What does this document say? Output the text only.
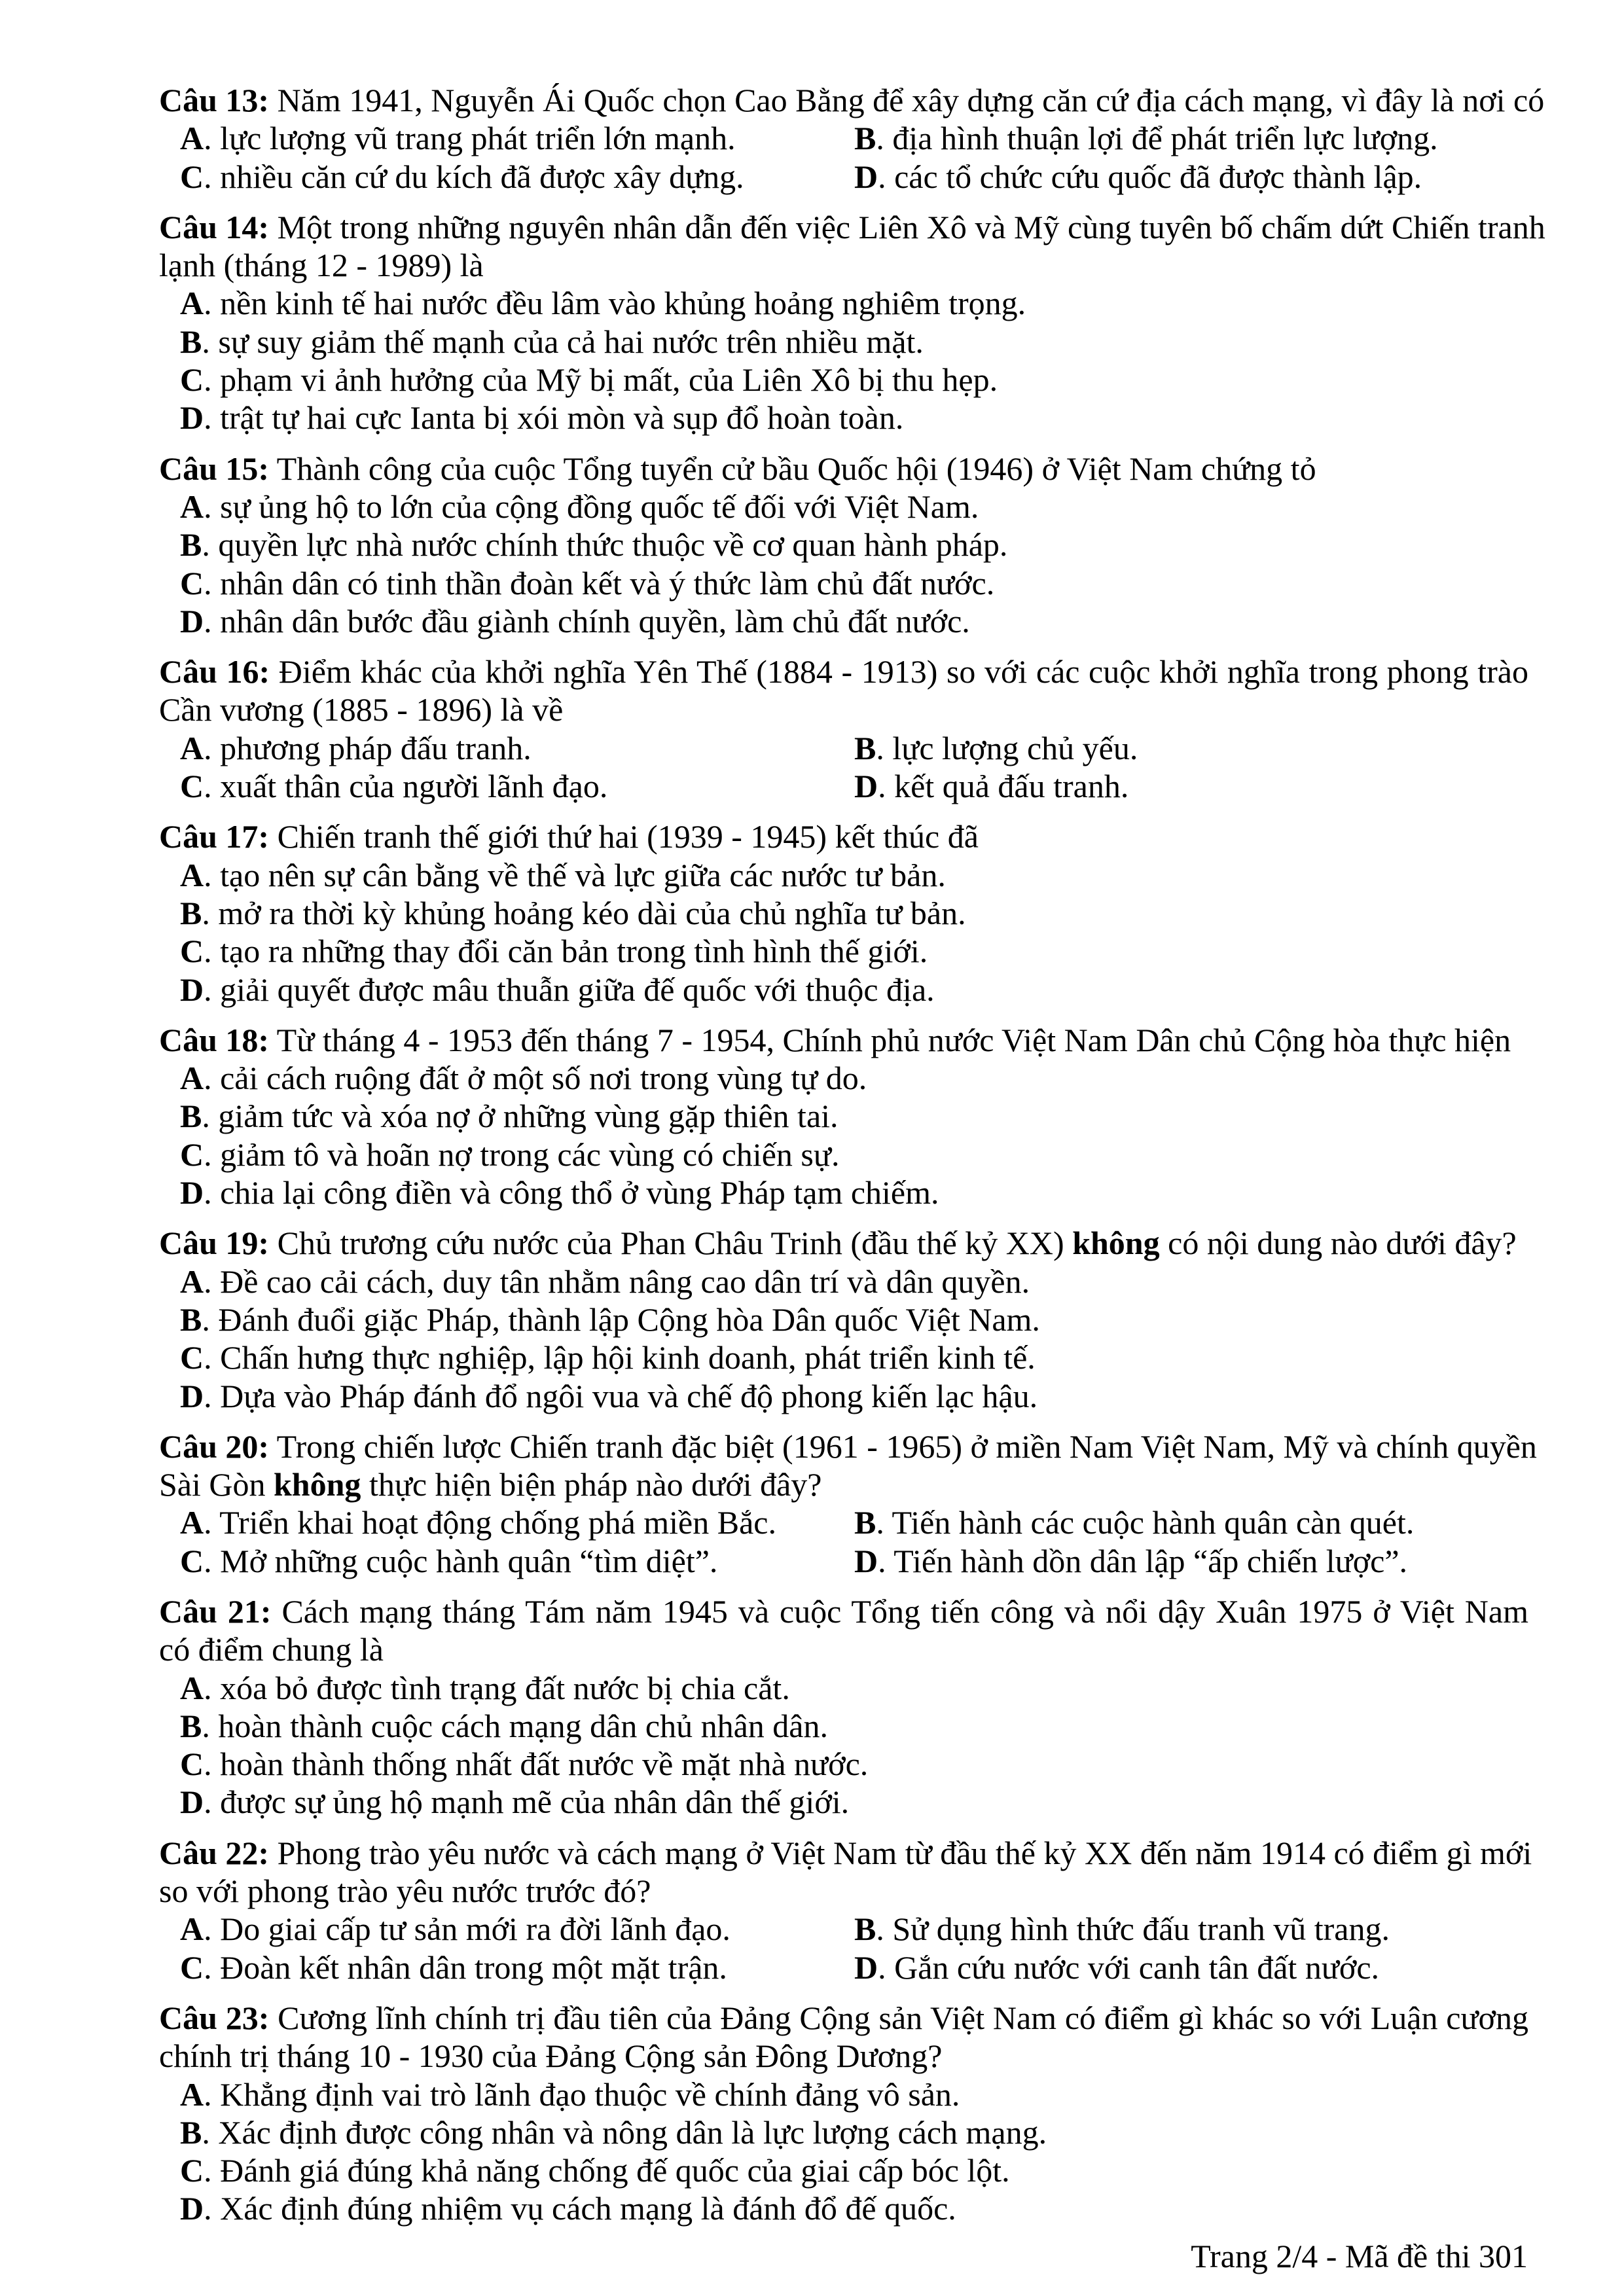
Câu 13: Năm 1941, Nguyễn Ái Quốc chọn Cao Bằng để xây dựng căn cứ địa cách mạng, vì đây là nơi có
A. lực lượng vũ trang phát triển lớn mạnh.	B. địa hình thuận lợi để phát triển lực lượng.
C. nhiều căn cứ du kích đã được xây dựng.	D. các tổ chức cứu quốc đã được thành lập.
Câu 14: Một trong những nguyên nhân dẫn đến việc Liên Xô và Mỹ cùng tuyên bố chấm dứt Chiến tranh
lạnh (tháng 12 - 1989) là
A. nền kinh tế hai nước đều lâm vào khủng hoảng nghiêm trọng.
B. sự suy giảm thế mạnh của cả hai nước trên nhiều mặt.
C. phạm vi ảnh hưởng của Mỹ bị mất, của Liên Xô bị thu hẹp.
D. trật tự hai cực Ianta bị xói mòn và sụp đổ hoàn toàn.
Câu 15: Thành công của cuộc Tổng tuyển cử bầu Quốc hội (1946) ở Việt Nam chứng tỏ
A. sự ủng hộ to lớn của cộng đồng quốc tế đối với Việt Nam.
B. quyền lực nhà nước chính thức thuộc về cơ quan hành pháp.
C. nhân dân có tinh thần đoàn kết và ý thức làm chủ đất nước.
D. nhân dân bước đầu giành chính quyền, làm chủ đất nước.
Câu 16: Điểm khác của khởi nghĩa Yên Thế (1884 - 1913) so với các cuộc khởi nghĩa trong phong trào
Cần vương (1885 - 1896) là về
A. phương pháp đấu tranh.	B. lực lượng chủ yếu.
C. xuất thân của người lãnh đạo.	D. kết quả đấu tranh.
Câu 17: Chiến tranh thế giới thứ hai (1939 - 1945) kết thúc đã
A. tạo nên sự cân bằng về thế và lực giữa các nước tư bản.
B. mở ra thời kỳ khủng hoảng kéo dài của chủ nghĩa tư bản.
C. tạo ra những thay đổi căn bản trong tình hình thế giới.
D. giải quyết được mâu thuẫn giữa đế quốc với thuộc địa.
Câu 18: Từ tháng 4 - 1953 đến tháng 7 - 1954, Chính phủ nước Việt Nam Dân chủ Cộng hòa thực hiện
A. cải cách ruộng đất ở một số nơi trong vùng tự do.
B. giảm tức và xóa nợ ở những vùng gặp thiên tai.
C. giảm tô và hoãn nợ trong các vùng có chiến sự.
D. chia lại công điền và công thổ ở vùng Pháp tạm chiếm.
Câu 19: Chủ trương cứu nước của Phan Châu Trinh (đầu thế kỷ XX) không có nội dung nào dưới đây?
A. Đề cao cải cách, duy tân nhằm nâng cao dân trí và dân quyền.
B. Đánh đuổi giặc Pháp, thành lập Cộng hòa Dân quốc Việt Nam.
C. Chấn hưng thực nghiệp, lập hội kinh doanh, phát triển kinh tế.
D. Dựa vào Pháp đánh đổ ngôi vua và chế độ phong kiến lạc hậu.
Câu 20: Trong chiến lược Chiến tranh đặc biệt (1961 - 1965) ở miền Nam Việt Nam, Mỹ và chính quyền
Sài Gòn không thực hiện biện pháp nào dưới đây?
A. Triển khai hoạt động chống phá miền Bắc.	B. Tiến hành các cuộc hành quân càn quét.
C. Mở những cuộc hành quân “tìm diệt”.	D. Tiến hành dồn dân lập “ấp chiến lược”.
Câu 21: Cách mạng tháng Tám năm 1945 và cuộc Tổng tiến công và nổi dậy Xuân 1975 ở Việt Nam
có điểm chung là
A. xóa bỏ được tình trạng đất nước bị chia cắt.
B. hoàn thành cuộc cách mạng dân chủ nhân dân.
C. hoàn thành thống nhất đất nước về mặt nhà nước.
D. được sự ủng hộ mạnh mẽ của nhân dân thế giới.
Câu 22: Phong trào yêu nước và cách mạng ở Việt Nam từ đầu thế kỷ XX đến năm 1914 có điểm gì mới
so với phong trào yêu nước trước đó?
A. Do giai cấp tư sản mới ra đời lãnh đạo.	B. Sử dụng hình thức đấu tranh vũ trang.
C. Đoàn kết nhân dân trong một mặt trận.	D. Gắn cứu nước với canh tân đất nước.
Câu 23: Cương lĩnh chính trị đầu tiên của Đảng Cộng sản Việt Nam có điểm gì khác so với Luận cương
chính trị tháng 10 - 1930 của Đảng Cộng sản Đông Dương?
A. Khẳng định vai trò lãnh đạo thuộc về chính đảng vô sản.
B. Xác định được công nhân và nông dân là lực lượng cách mạng.
C. Đánh giá đúng khả năng chống đế quốc của giai cấp bóc lột.
D. Xác định đúng nhiệm vụ cách mạng là đánh đổ đế quốc.
Trang 2/4 - Mã đề thi 301
